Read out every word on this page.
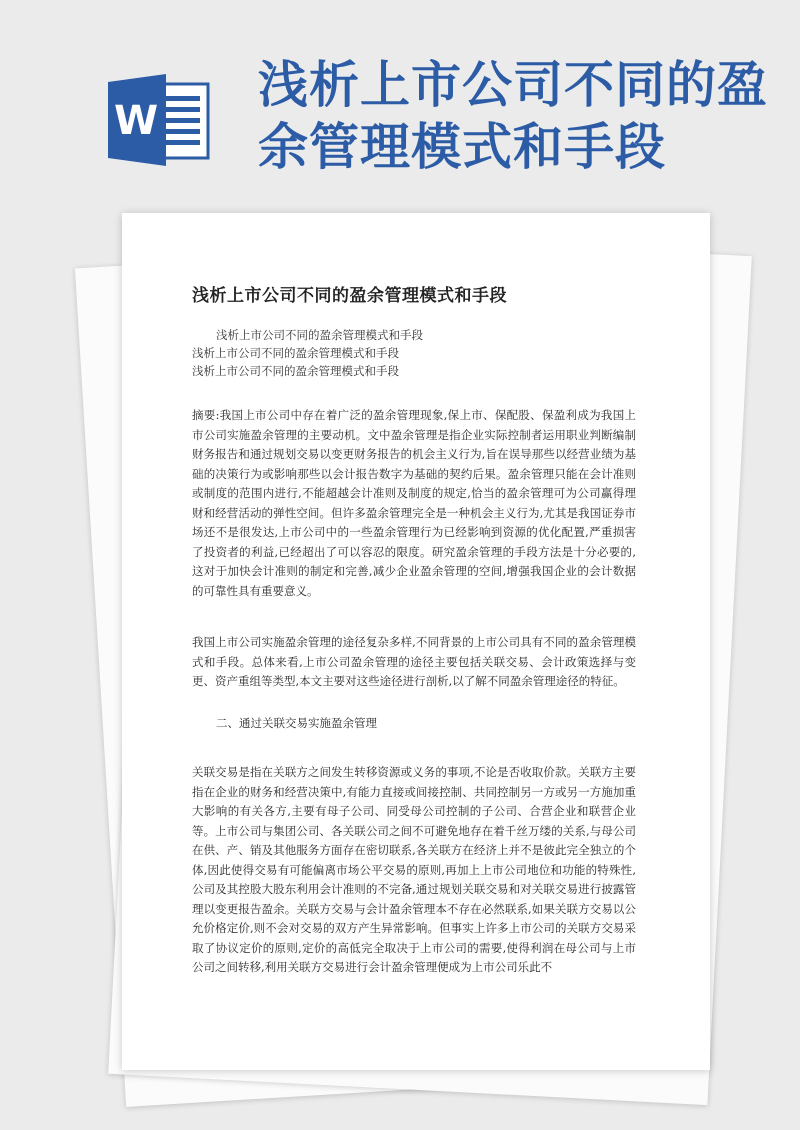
W
浅析上市公司不同的盈余管理模式和手段
浅析上市公司不同的盈余管理模式和手段
浅析上市公司不同的盈余管理模式和手段
浅析上市公司不同的盈余管理模式和手段
浅析上市公司不同的盈余管理模式和手段

摘要:我国上市公司中存在着广泛的盈余管理现象,保上市、保配股、保盈利成为我国上市公司实施盈余管理的主要动机。文中盈余管理是指企业实际控制者运用职业判断编制财务报告和通过规划交易以变更财务报告的机会主义行为,旨在误导那些以经营业绩为基础的决策行为或影响那些以会计报告数字为基础的契约后果。盈余管理只能在会计准则或制度的范围内进行,不能超越会计准则及制度的规定,恰当的盈余管理可为公司赢得理财和经营活动的弹性空间。但许多盈余管理完全是一种机会主义行为,尤其是我国证券市场还不是很发达,上市公司中的一些盈余管理行为已经影响到资源的优化配置,严重损害了投资者的利益,已经超出了可以容忍的限度。研究盈余管理的手段方法是十分必要的,这对于加快会计准则的制定和完善,减少企业盈余管理的空间,增强我国企业的会计数据的可靠性具有重要意义。

我国上市公司实施盈余管理的途径复杂多样,不同背景的上市公司具有不同的盈余管理模式和手段。总体来看,上市公司盈余管理的途径主要包括关联交易、会计政策选择与变更、资产重组等类型,本文主要对这些途径进行剖析,以了解不同盈余管理途径的特征。

二、通过关联交易实施盈余管理

关联交易是指在关联方之间发生转移资源或义务的事项,不论是否收取价款。关联方主要指在企业的财务和经营决策中,有能力直接或间接控制、共同控制另一方或另一方施加重大影响的有关各方,主要有母子公司、同受母公司控制的子公司、合营企业和联营企业等。上市公司与集团公司、各关联公司之间不可避免地存在着千丝万缕的关系,与母公司在供、产、销及其他服务方面存在密切联系,各关联方在经济上并不是彼此完全独立的个体,因此使得交易有可能偏离市场公平交易的原则,再加上上市公司地位和功能的特殊性,公司及其控股大股东利用会计准则的不完备,通过规划关联交易和对关联交易进行披露管理以变更报告盈余。关联方交易与会计盈余管理本不存在必然联系,如果关联方交易以公允价格定价,则不会对交易的双方产生异常影响。但事实上许多上市公司的关联方交易采取了协议定价的原则,定价的高低完全取决于上市公司的需要,使得利润在母公司与上市公司之间转移,利用关联方交易进行会计盈余管理便成为上市公司乐此不
